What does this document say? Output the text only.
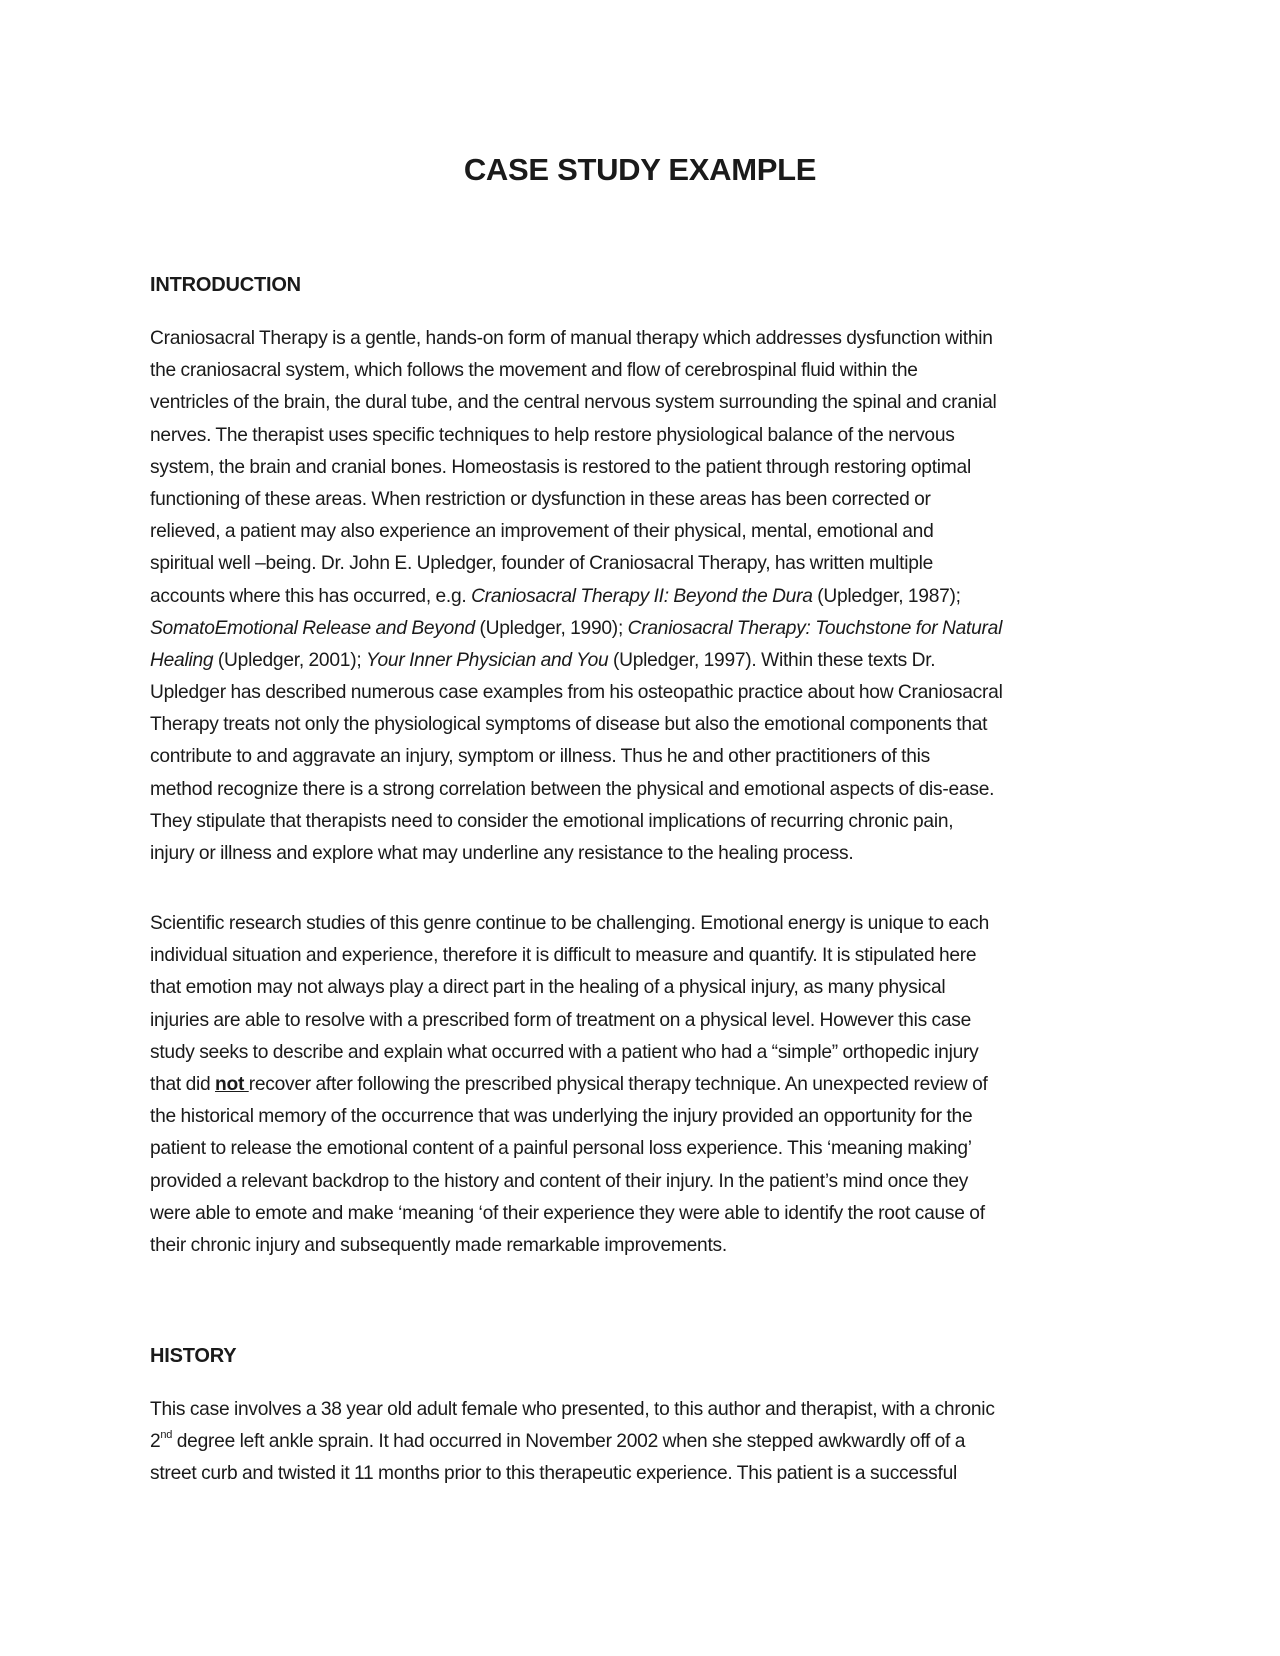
CASE STUDY EXAMPLE
INTRODUCTION

Craniosacral Therapy is a gentle, hands-on form of manual therapy which addresses dysfunction within
the craniosacral system, which follows the movement and flow of cerebrospinal fluid within the
ventricles of the brain, the dural tube, and the central nervous system surrounding the spinal and cranial
nerves. The therapist uses specific techniques to help restore physiological balance of the nervous
system, the brain and cranial bones. Homeostasis is restored to the patient through restoring optimal
functioning of these areas. When restriction or dysfunction in these areas has been corrected or
relieved, a patient may also experience an improvement of their physical, mental, emotional and
spiritual well –being. Dr. John E. Upledger, founder of Craniosacral Therapy, has written multiple
accounts where this has occurred, e.g. Craniosacral Therapy II: Beyond the Dura (Upledger, 1987);
SomatoEmotional Release and Beyond (Upledger, 1990); Craniosacral Therapy: Touchstone for Natural
Healing (Upledger, 2001); Your Inner Physician and You (Upledger, 1997). Within these texts Dr.
Upledger has described numerous case examples from his osteopathic practice about how Craniosacral
Therapy treats not only the physiological symptoms of disease but also the emotional components that
contribute to and aggravate an injury, symptom or illness. Thus he and other practitioners of this
method recognize there is a strong correlation between the physical and emotional aspects of dis-ease.
They stipulate that therapists need to consider the emotional implications of recurring chronic pain,
injury or illness and explore what may underline any resistance to the healing process.

Scientific research studies of this genre continue to be challenging. Emotional energy is unique to each
individual situation and experience, therefore it is difficult to measure and quantify. It is stipulated here
that emotion may not always play a direct part in the healing of a physical injury, as many physical
injuries are able to resolve with a prescribed form of treatment on a physical level. However this case
study seeks to describe and explain what occurred with a patient who had a “simple” orthopedic injury
that did not recover after following the prescribed physical therapy technique. An unexpected review of
the historical memory of the occurrence that was underlying the injury provided an opportunity for the
patient to release the emotional content of a painful personal loss experience. This ‘meaning making’
provided a relevant backdrop to the history and content of their injury. In the patient’s mind once they
were able to emote and make ‘meaning ‘of their experience they were able to identify the root cause of
their chronic injury and subsequently made remarkable improvements.

HISTORY

This case involves a 38 year old adult female who presented, to this author and therapist, with a chronic
2nd degree left ankle sprain. It had occurred in November 2002 when she stepped awkwardly off of a
street curb and twisted it 11 months prior to this therapeutic experience. This patient is a successful
